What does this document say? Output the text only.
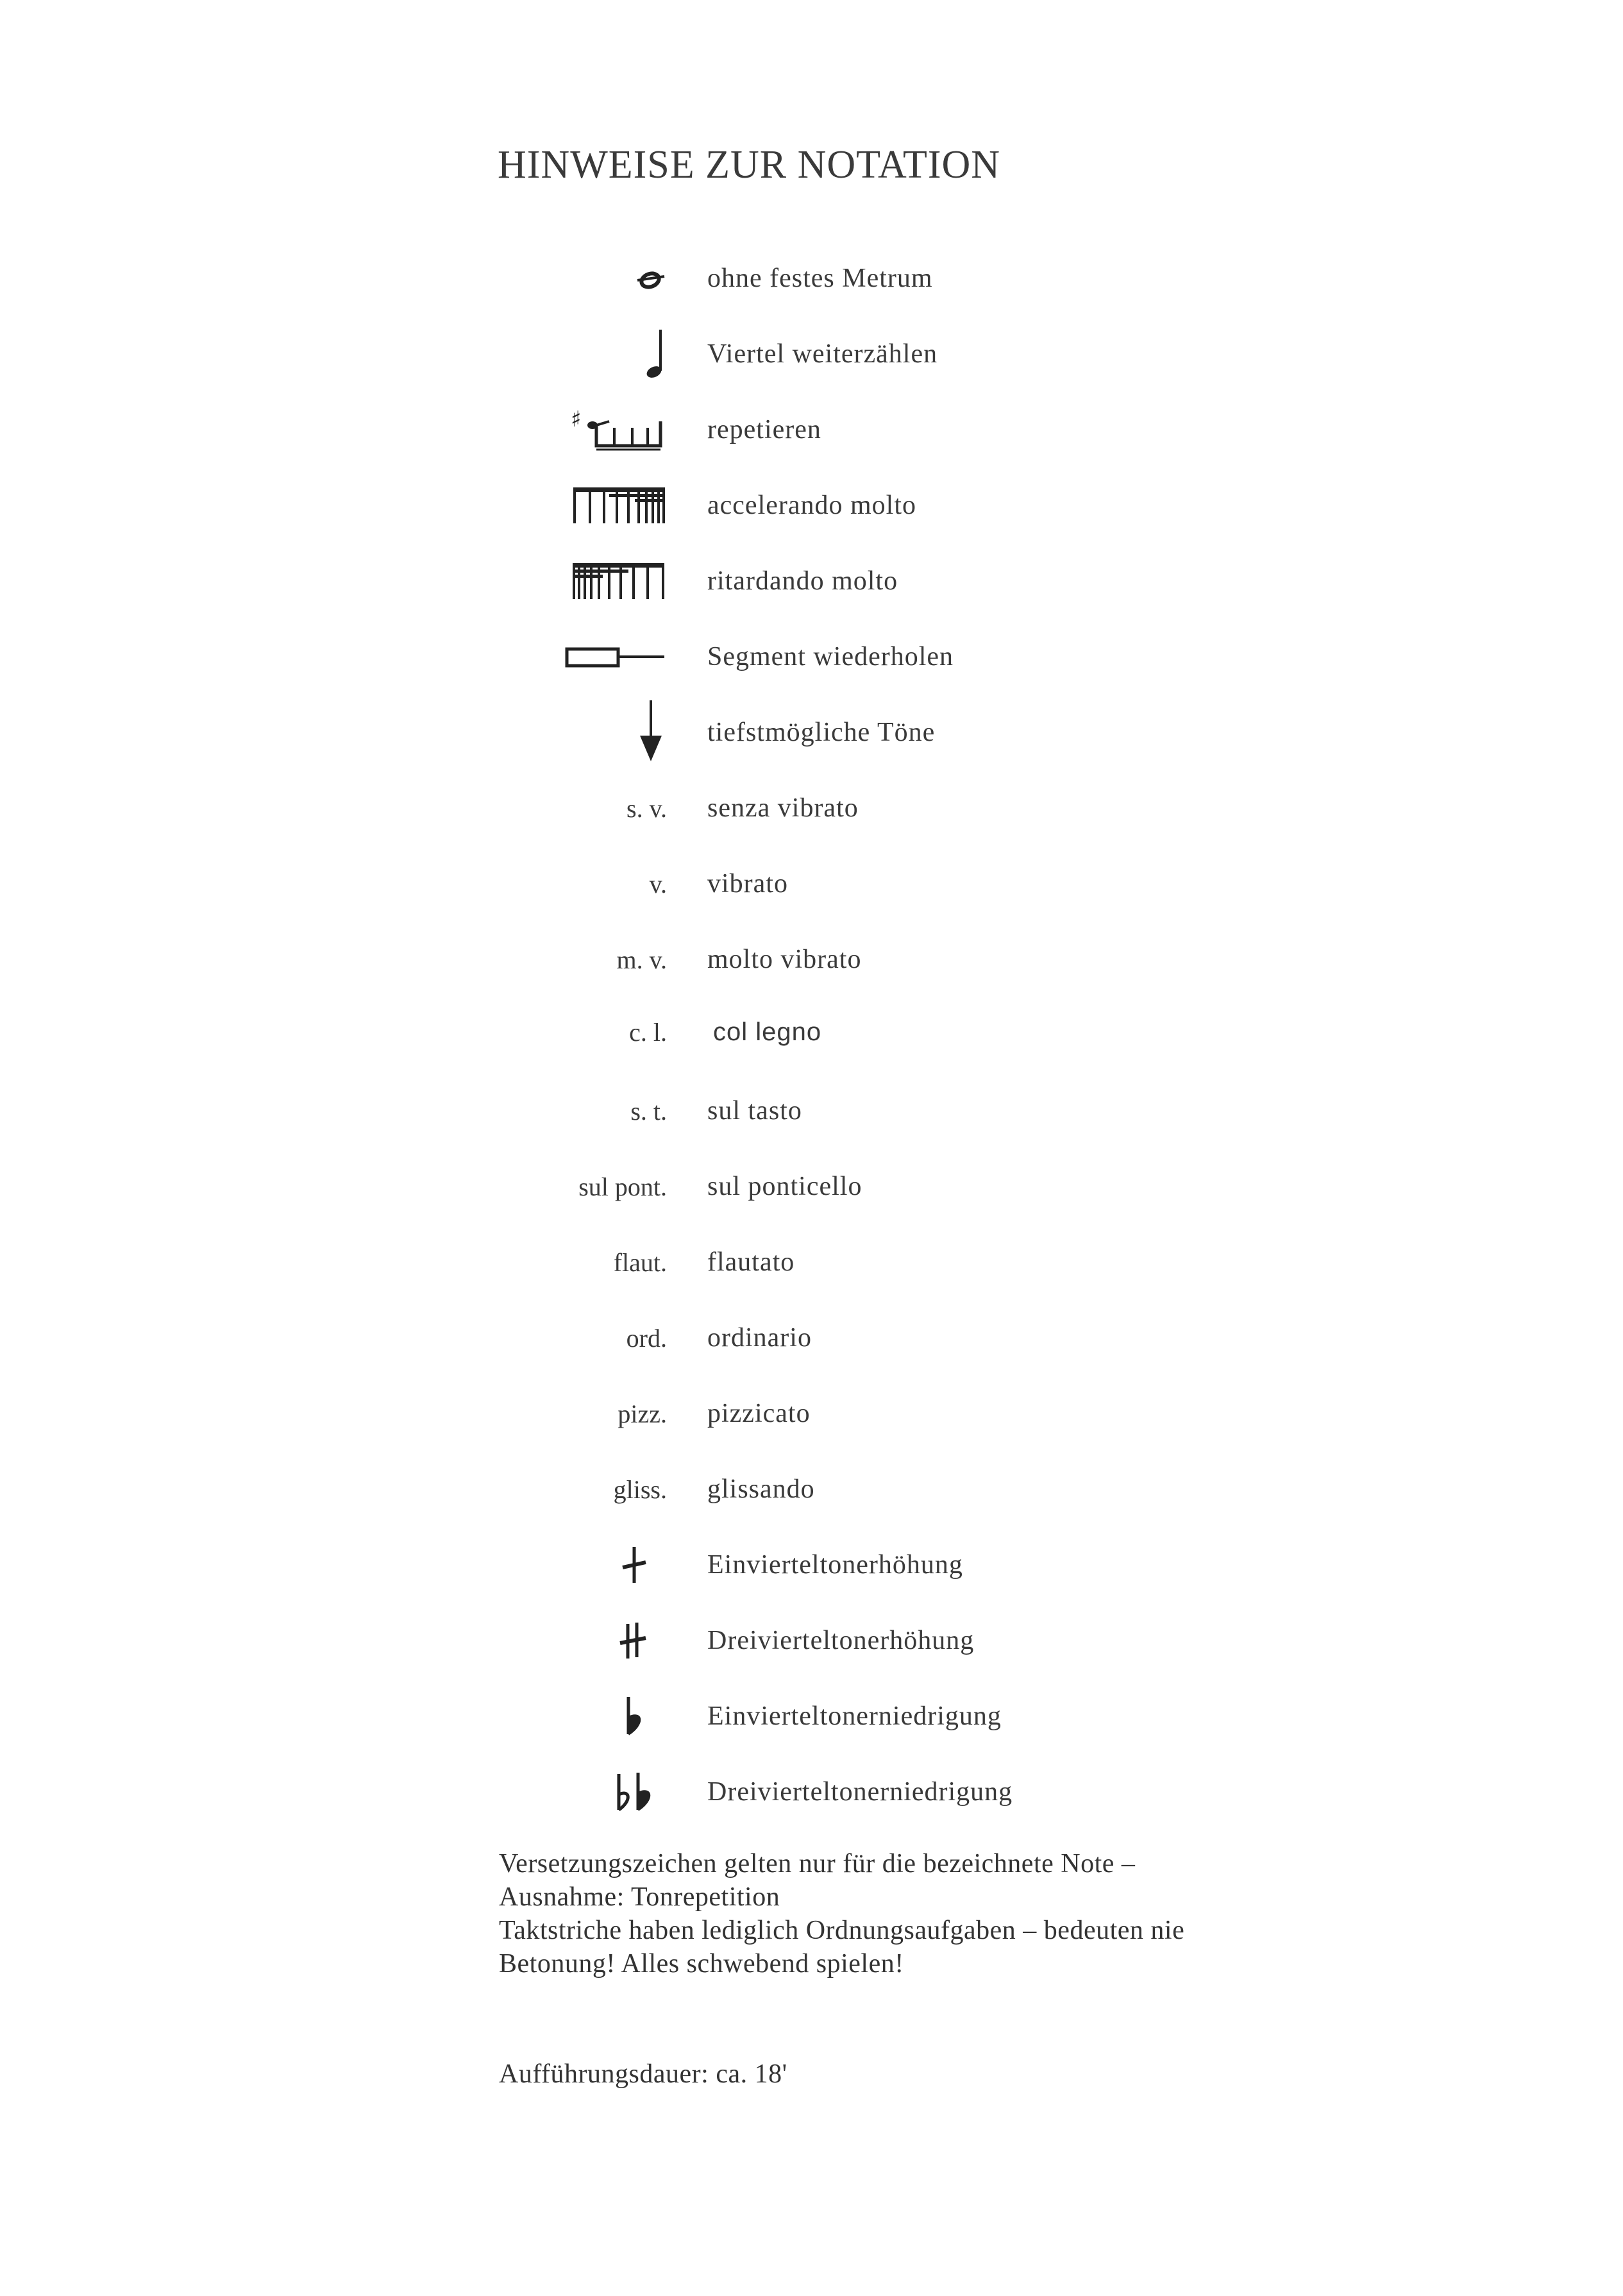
HINWEISE ZUR NOTATION
ohne festes Metrum
Viertel weiterzählen
♯	repetieren
accelerando molto
ritardando molto
Segment wiederholen
tiefstmögliche Töne
s. v. senza vibrato
v. vibrato
m. v. molto vibrato
c. l. col legno
s. t. sul tasto
sul pont. sul ponticello
flaut. flautato
ord. ordinario
pizz. pizzicato
gliss. glissando
Einvierteltonerhöhung
Dreivierteltonerhöhung
Einvierteltonerniedrigung
Dreivierteltonerniedrigung

Versetzungszeichen gelten nur für die bezeichnete Note –

Ausnahme: Tonrepetition

Taktstriche haben lediglich Ordnungsaufgaben – bedeuten nie

Betonung! Alles schwebend spielen!

Aufführungsdauer: ca. 18'
